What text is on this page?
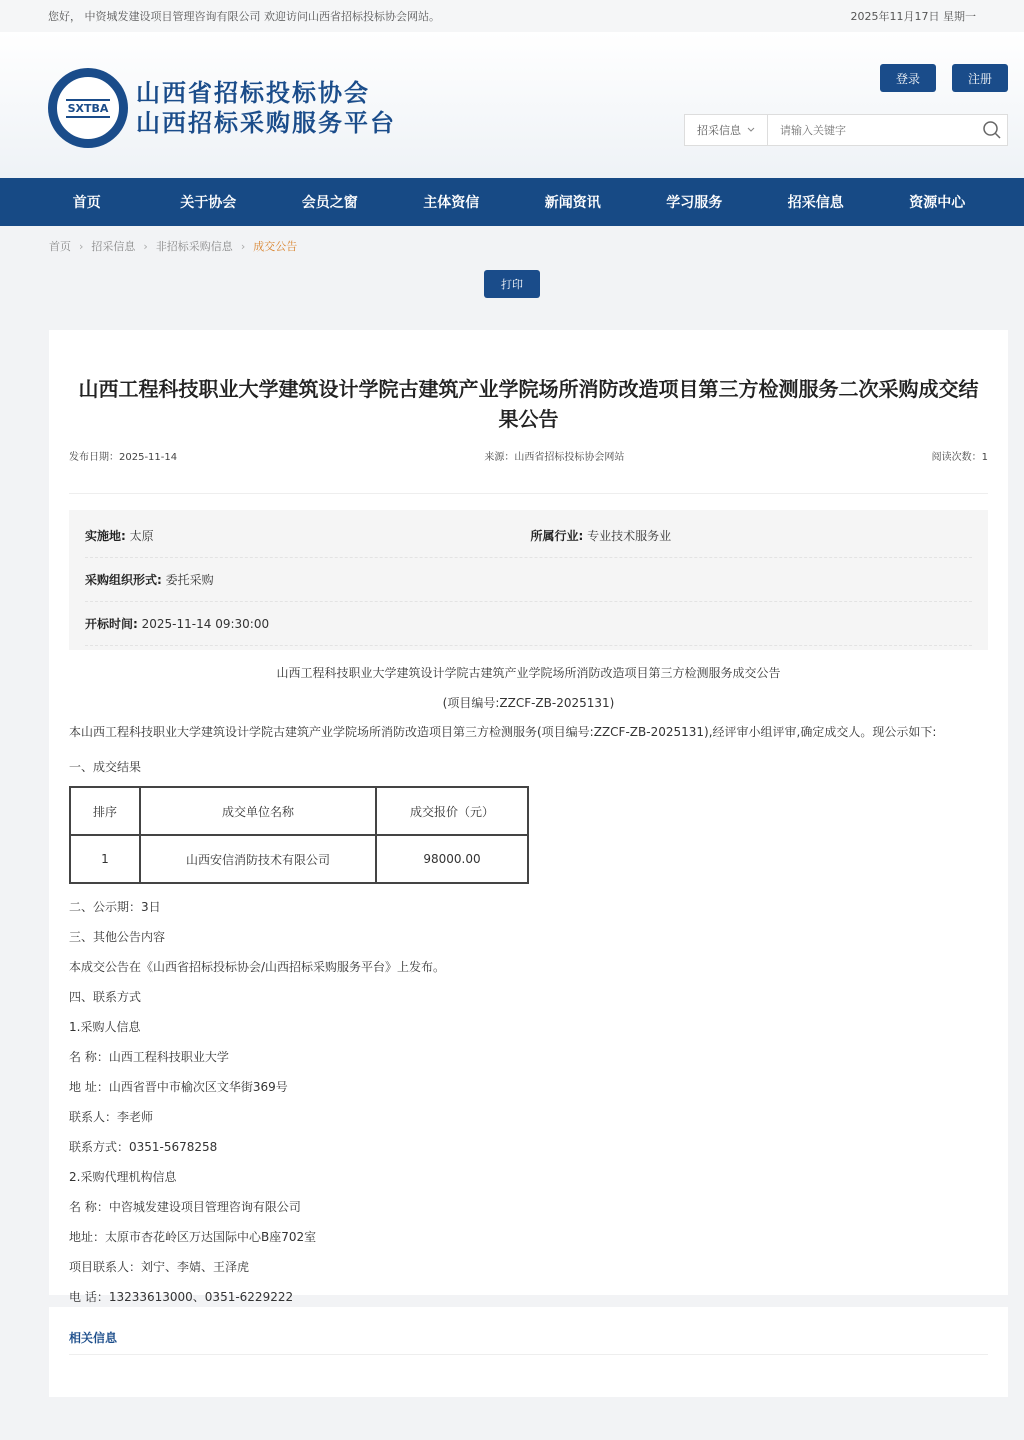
您好， 中资城发建设项目管理咨询有限公司 欢迎访问山西省招标投标协会网站。	2025年11月17日 星期一
SXTBA
山西省招标投标协会
山西招标采购服务平台
登录	注册
招采信息
请输入关键字
首页	关于协会	会员之窗	主体资信	新闻资讯	学习服务	招采信息	资源中心
首页 › 招采信息 › 非招标采购信息 › 成交公告
打印
山西工程科技职业大学建筑设计学院古建筑产业学院场所消防改造项目第三方检测服务二次采购成交结果公告
发布日期：2025-11-14	来源：山西省招标投标协会网站	阅读次数：1
实施地: 太原	所属行业: 专业技术服务业
采购组织形式: 委托采购
开标时间: 2025-11-14 09:30:00
山西工程科技职业大学建筑设计学院古建筑产业学院场所消防改造项目第三方检测服务成交公告
(项目编号:ZZCF-ZB-2025131)
本山西工程科技职业大学建筑设计学院古建筑产业学院场所消防改造项目第三方检测服务(项目编号:ZZCF-ZB-2025131),经评审小组评审,确定成交人。现公示如下:
一、成交结果
排序	成交单位名称	成交报价（元）
1	山西安信消防技术有限公司	98000.00
二、公示期：3日
三、其他公告内容
本成交公告在《山西省招标投标协会/山西招标采购服务平台》上发布。
四、联系方式
1.采购人信息
名 称：山西工程科技职业大学
地 址：山西省晋中市榆次区文华街369号
联系人：李老师
联系方式：0351-5678258
2.采购代理机构信息
名 称：中咨城发建设项目管理咨询有限公司
地址：太原市杏花岭区万达国际中心B座702室
项目联系人：刘宁、李婧、王泽虎
电 话：13233613000、0351-6229222
相关信息
